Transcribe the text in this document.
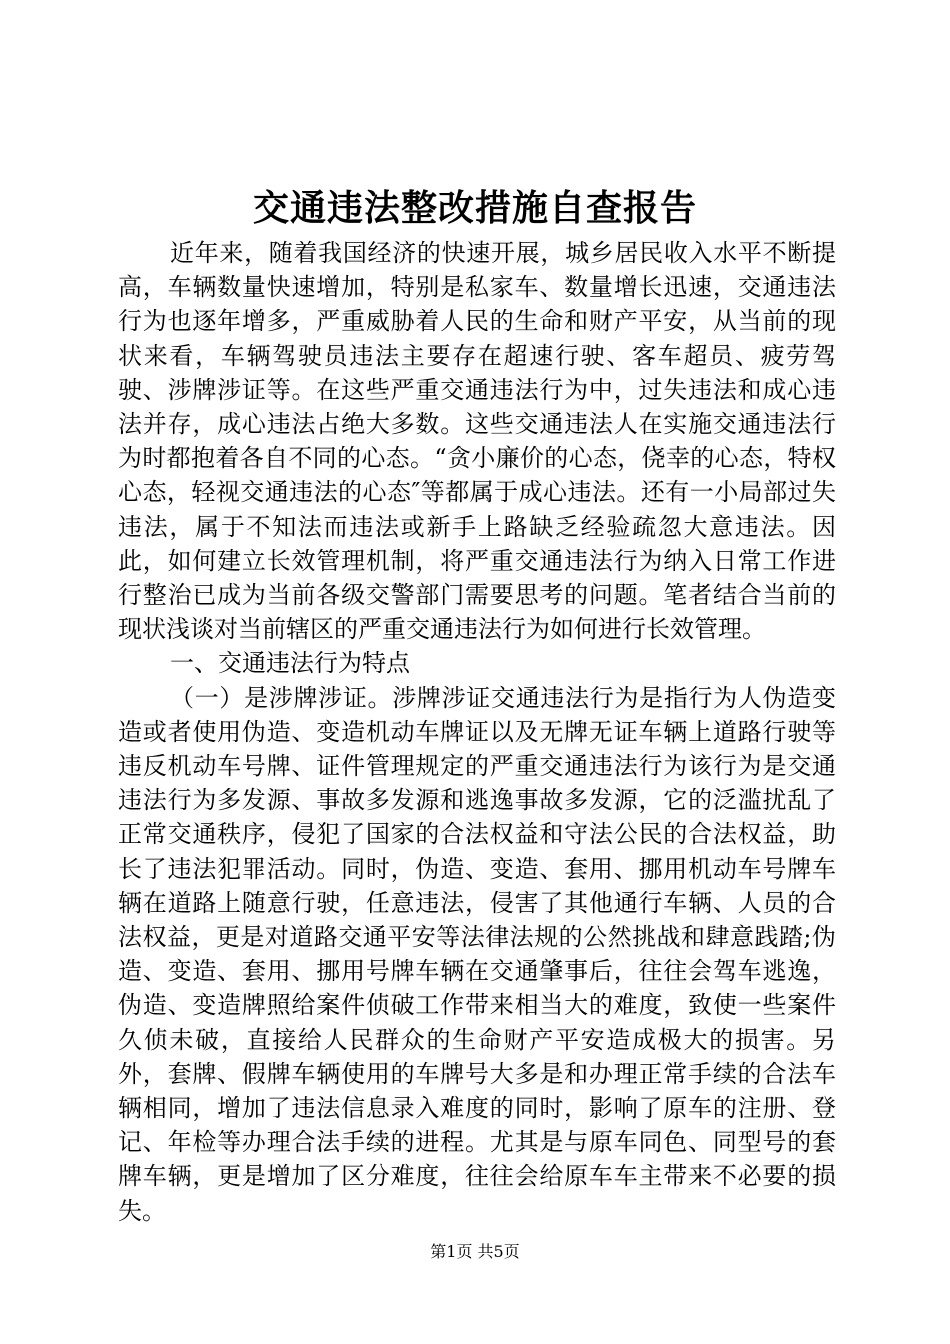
交通违法整改措施自查报告

近年来，随着我国经济的快速开展，城乡居民收入水平不断提高，车辆数量快速增加，特别是私家车、数量增长迅速，交通违法行为也逐年增多，严重威胁着人民的生命和财产平安，从当前的现状来看，车辆驾驶员违法主要存在超速行驶、客车超员、疲劳驾驶、涉牌涉证等。在这些严重交通违法行为中，过失违法和成心违法并存，成心违法占绝大多数。这些交通违法人在实施交通违法行为时都抱着各自不同的心态。“贪小廉价的心态，侥幸的心态，特权心态，轻视交通违法的心态″等都属于成心违法。还有一小局部过失违法，属于不知法而违法或新手上路缺乏经验疏忽大意违法。因此，如何建立长效管理机制，将严重交通违法行为纳入日常工作进行整治已成为当前各级交警部门需要思考的问题。笔者结合当前的现状浅谈对当前辖区的严重交通违法行为如何进行长效管理。

一、交通违法行为特点

（一）是涉牌涉证。涉牌涉证交通违法行为是指行为人伪造变造或者使用伪造、变造机动车牌证以及无牌无证车辆上道路行驶等违反机动车号牌、证件管理规定的严重交通违法行为该行为是交通违法行为多发源、事故多发源和逃逸事故多发源，它的泛滥扰乱了正常交通秩序，侵犯了国家的合法权益和守法公民的合法权益，助长了违法犯罪活动。同时，伪造、变造、套用、挪用机动车号牌车辆在道路上随意行驶，任意违法，侵害了其他通行车辆、人员的合法权益，更是对道路交通平安等法律法规的公然挑战和肆意践踏;伪造、变造、套用、挪用号牌车辆在交通肇事后，往往会驾车逃逸，伪造、变造牌照给案件侦破工作带来相当大的难度，致使一些案件久侦未破，直接给人民群众的生命财产平安造成极大的损害。另外，套牌、假牌车辆使用的车牌号大多是和办理正常手续的合法车辆相同，增加了违法信息录入难度的同时，影响了原车的注册、登记、年检等办理合法手续的进程。尤其是与原车同色、同型号的套牌车辆，更是增加了区分难度，往往会给原车车主带来不必要的损失。

第1页 共5页
